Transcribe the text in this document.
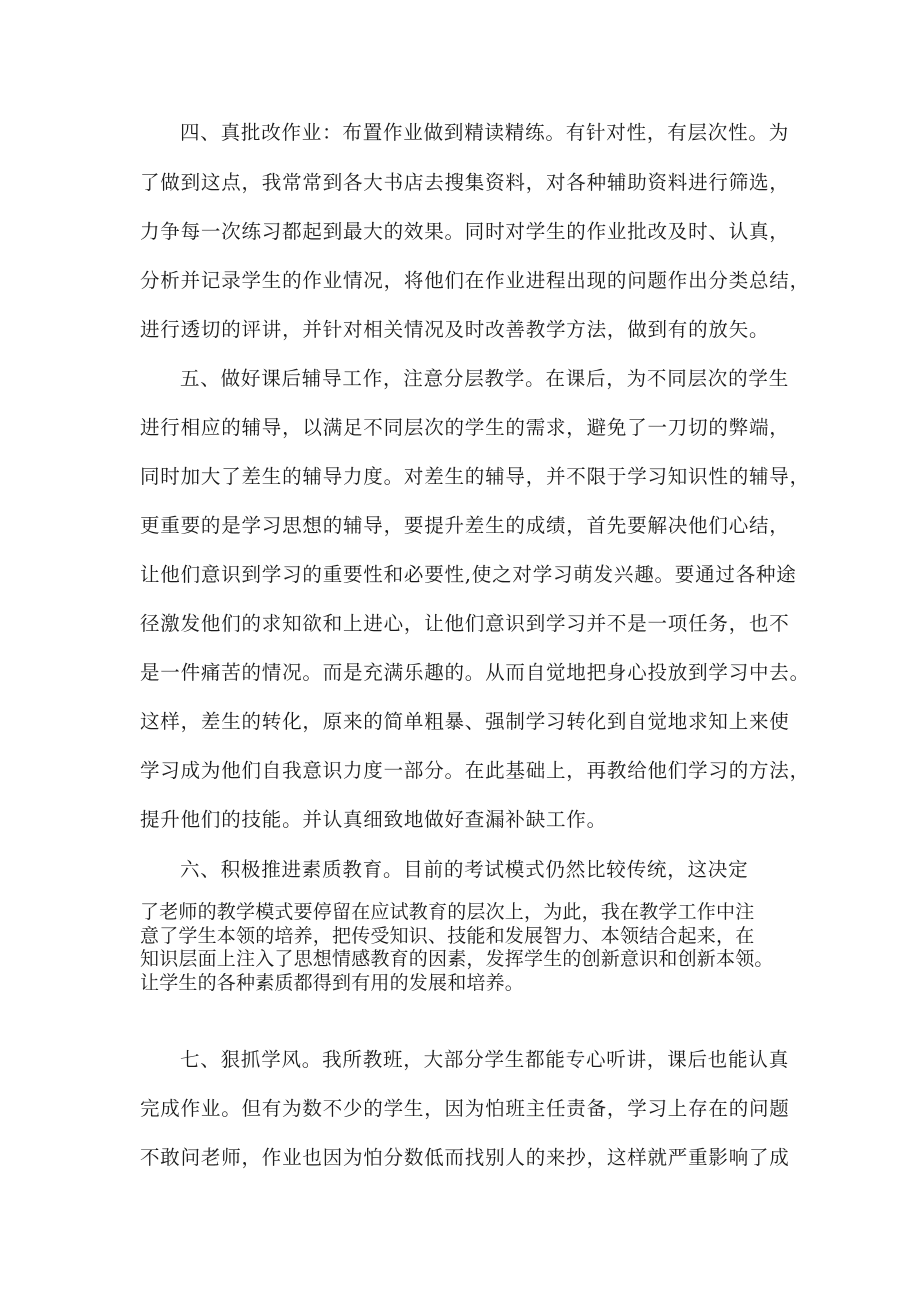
四、真批改作业：布置作业做到精读精练。有针对性，有层次性。为
了做到这点，我常常到各大书店去搜集资料，对各种辅助资料进行筛选，
力争每一次练习都起到最大的效果。同时对学生的作业批改及时、认真，
分析并记录学生的作业情况，将他们在作业进程出现的问题作出分类总结，
进行透切的评讲，并针对相关情况及时改善教学方法，做到有的放矢。
五、做好课后辅导工作，注意分层教学。在课后，为不同层次的学生
进行相应的辅导，以满足不同层次的学生的需求，避免了一刀切的弊端，
同时加大了差生的辅导力度。对差生的辅导，并不限于学习知识性的辅导，
更重要的是学习思想的辅导，要提升差生的成绩，首先要解决他们心结，
让他们意识到学习的重要性和必要性,使之对学习萌发兴趣。要通过各种途
径激发他们的求知欲和上进心，让他们意识到学习并不是一项任务，也不
是一件痛苦的情况。而是充满乐趣的。从而自觉地把身心投放到学习中去。
这样，差生的转化，原来的简单粗暴、强制学习转化到自觉地求知上来使
学习成为他们自我意识力度一部分。在此基础上，再教给他们学习的方法，
提升他们的技能。并认真细致地做好查漏补缺工作。
六、积极推进素质教育。目前的考试模式仍然比较传统，这决定
了老师的教学模式要停留在应试教育的层次上，为此，我在教学工作中注
意了学生本领的培养，把传受知识、技能和发展智力、本领结合起来，在
知识层面上注入了思想情感教育的因素，发挥学生的创新意识和创新本领。
让学生的各种素质都得到有用的发展和培养。
七、狠抓学风。我所教班，大部分学生都能专心听讲，课后也能认真
完成作业。但有为数不少的学生，因为怕班主任责备，学习上存在的问题
不敢问老师，作业也因为怕分数低而找别人的来抄，这样就严重影响了成
